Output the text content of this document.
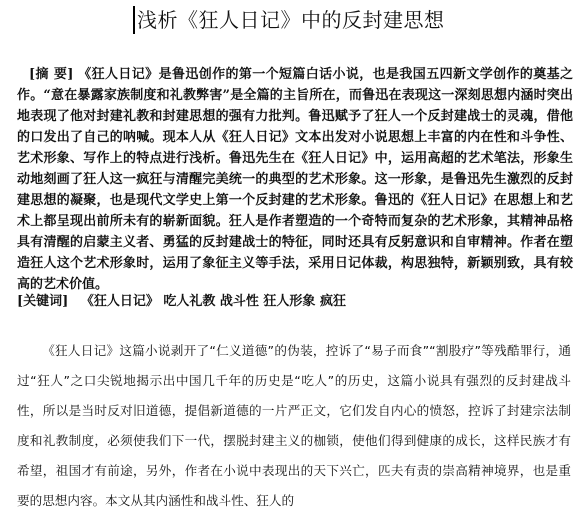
浅析《狂人日记》中的反封建思想

[摘 要] 《狂人日记》是鲁迅创作的第一个短篇白话小说，也是我国五四新文学创作的奠基之作。“意在暴露家族制度和礼教弊害”是全篇的主旨所在，而鲁迅在表现这一深刻思想内涵时突出地表现了他对封建礼教和封建思想的强有力批判。鲁迅赋予了狂人一个反封建战士的灵魂，借他的口发出了自己的呐喊。现本人从《狂人日记》文本出发对小说思想上丰富的内在性和斗争性、艺术形象、写作上的特点进行浅析。鲁迅先生在《狂人日记》中，运用高超的艺术笔法，形象生动地刻画了狂人这一疯狂与清醒完美统一的典型的艺术形象。这一形象，是鲁迅先生激烈的反封建思想的凝聚，也是现代文学史上第一个反封建的艺术形象。鲁迅的《狂人日记》在思想上和艺术上都呈现出前所未有的崭新面貌。狂人是作者塑造的一个奇特而复杂的艺术形象，其精神品格具有清醒的启蒙主义者、勇猛的反封建战士的特征，同时还具有反躬意识和自审精神。作者在塑造狂人这个艺术形象时，运用了象征主义等手法，采用日记体裁，构思独特，新颖别致，具有较高的艺术价值。

[关键词] 《狂人日记》 吃人礼教 战斗性 狂人形象 疯狂

《狂人日记》这篇小说剥开了“仁义道德”的伪装，控诉了“易子而食”“割股疗”等残酷罪行，通过“狂人”之口尖锐地揭示出中国几千年的历史是“吃人”的历史，这篇小说具有强烈的反封建战斗性，所以是当时反对旧道德，提倡新道德的一片严正文，它们发自内心的愤怒，控诉了封建宗法制度和礼教制度，必须使我们下一代，摆脱封建主义的枷锁，使他们得到健康的成长，这样民族才有希望，祖国才有前途，另外，作者在小说中表现出的天下兴亡，匹夫有责的崇高精神境界，也是重要的思想内容。本文从其内涵性和战斗性、狂人的
